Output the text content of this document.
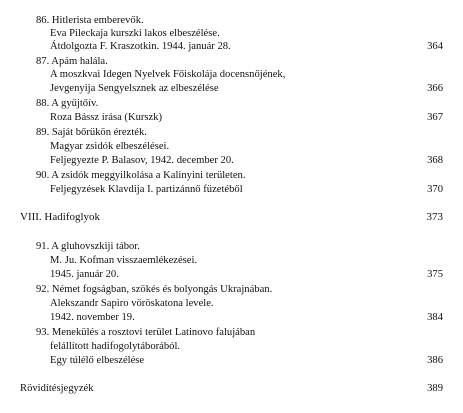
86. Hitlerista emberevők.
Eva Pileckaja kurszki lakos elbeszélése.
Átdolgozta F. Kraszotkin. 1944. január 28.	364
87. Apám halála.
A moszkvai Idegen Nyelvek Főiskolája docensnőjének,
Jevgenyija Sengyelsznek az elbeszélése	366
88. A gyűjtőív.
Roza Bássz írása (Kurszk)	367
89. Saját bőrükön érezték.
Magyar zsidók elbeszélései.
Feljegyezte P. Balasov, 1942. december 20.	368
90. A zsidók meggyilkolása a Kalinyini területen.
Feljegyzések Klavdija I. partizánnő füzetéből	370
VIII. Hadifoglyok	373
91. A gluhovszkiji tábor.
M. Ju. Kofman visszaemlékezései.
1945. január 20.	375
92. Német fogságban, szökés és bolyongás Ukrajnában.
Alekszandr Sapiro vöröskatona levele.
1942. november 19.	384
93. Menekülés a rosztovi terület Latinovo falujában
felállított hadifogolytáborából.
Egy túlélő elbeszélése	386
Rövidítésjegyzék	389
